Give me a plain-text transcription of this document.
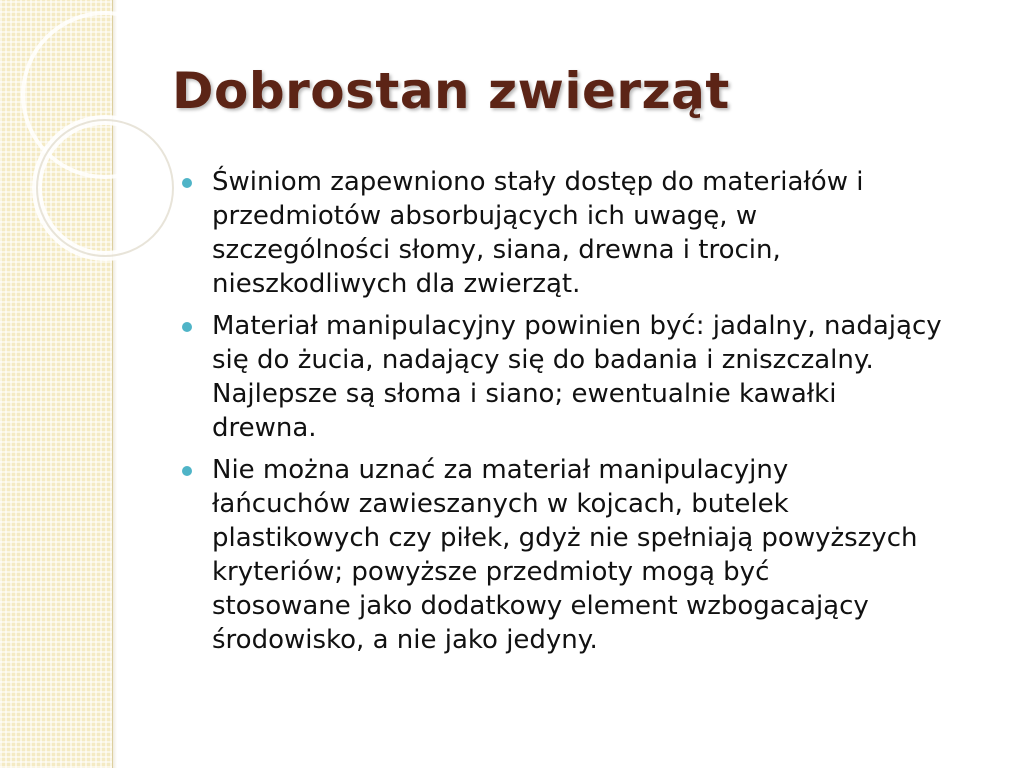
Dobrostan zwierząt
Świniom zapewniono stały dostęp do materiałów i
przedmiotów absorbujących ich uwagę, w
szczególności słomy, siana, drewna i trocin,
nieszkodliwych dla zwierząt.
Materiał manipulacyjny powinien być: jadalny, nadający
się do żucia, nadający się do badania i zniszczalny.
Najlepsze są słoma i siano; ewentualnie kawałki
drewna.
Nie można uznać za materiał manipulacyjny
łańcuchów zawieszanych w kojcach, butelek
plastikowych czy piłek, gdyż nie spełniają powyższych
kryteriów; powyższe przedmioty mogą być
stosowane jako dodatkowy element wzbogacający
środowisko, a nie jako jedyny.
